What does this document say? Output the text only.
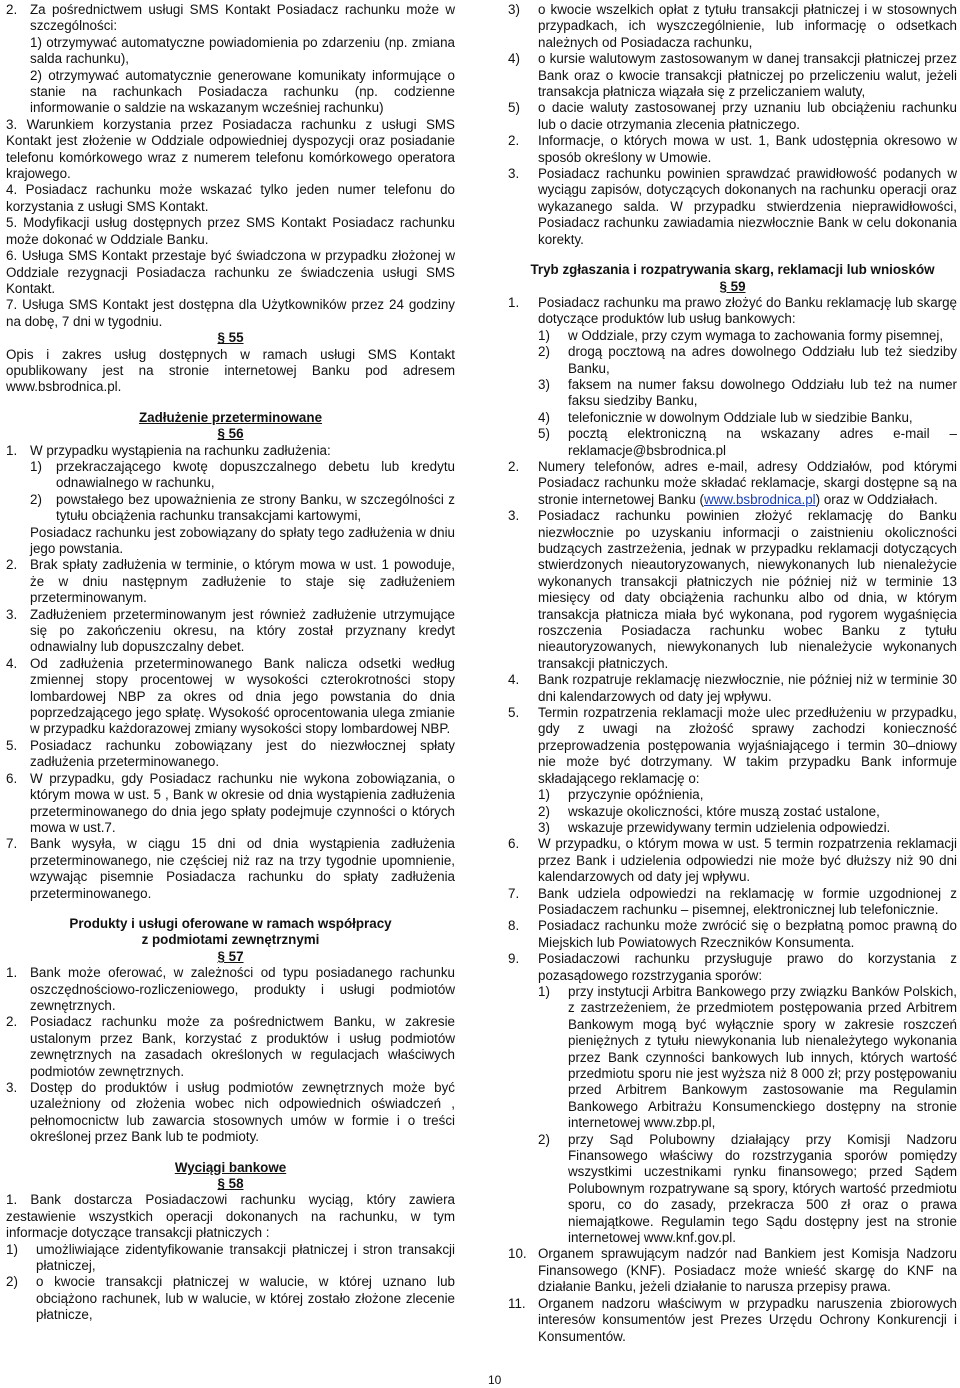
2. Za pośrednictwem usługi SMS Kontakt Posiadacz rachunku może w szczególności:
1) otrzymywać automatyczne powiadomienia po zdarzeniu (np. zmiana salda rachunku),
2) otrzymywać automatycznie generowane komunikaty informujące o stanie na rachunkach Posiadacza rachunku (np. codzienne informowanie o saldzie na wskazanym wcześniej rachunku)

3. Warunkiem korzystania przez Posiadacza rachunku z usługi SMS Kontakt jest złożenie w Oddziale odpowiedniej dyspozycji oraz posiadanie telefonu komórkowego wraz z numerem telefonu komórkowego operatora krajowego.

4. Posiadacz rachunku może wskazać tylko jeden numer telefonu do korzystania z usługi SMS Kontakt.

5. Modyfikacji usług dostępnych przez SMS Kontakt Posiadacz rachunku może dokonać w Oddziale Banku.

6. Usługa SMS Kontakt przestaje być świadczona w przypadku złożonej w Oddziale rezygnacji Posiadacza rachunku ze świadczenia usługi SMS Kontakt.

7. Usługa SMS Kontakt jest dostępna dla Użytkowników przez 24 godziny na dobę, 7 dni w tygodniu.

§ 55

Opis i zakres usług dostępnych w ramach usługi SMS Kontakt opublikowany jest na stronie internetowej Banku pod adresem www.bsbrodnica.pl.

Zadłużenie przeterminowane
§ 56
1. W przypadku wystąpienia na rachunku zadłużenia:
1)	przekraczającego kwotę dopuszczalnego debetu lub kredytu odnawialnego w rachunku,
2)	powstałego bez upoważnienia ze strony Banku, w szczególności z tytułu obciążenia rachunku transakcjami kartowymi,

Posiadacz rachunku jest zobowiązany do spłaty tego zadłużenia w dniu jego powstania.

2. Brak spłaty zadłużenia w terminie, o którym mowa w ust. 1 powoduje, że w dniu następnym zadłużenie to staje się zadłużeniem przeterminowanym.
3. Zadłużeniem przeterminowanym jest również zadłużenie utrzymujące się po zakończeniu okresu, na który został przyznany kredyt odnawialny lub dopuszczalny debet.
4. Od zadłużenia przeterminowanego Bank nalicza odsetki według zmiennej stopy procentowej w wysokości czterokrotności stopy lombardowej NBP za okres od dnia jego powstania do dnia poprzedzającego jego spłatę. Wysokość oprocentowania ulega zmianie w przypadku każdorazowej zmiany wysokości stopy lombardowej NBP.
5. Posiadacz rachunku zobowiązany jest do niezwłocznej spłaty zadłużenia przeterminowanego.
6. W przypadku, gdy Posiadacz rachunku nie wykona zobowiązania, o którym mowa w ust. 5 , Bank w okresie od dnia wystąpienia zadłużenia przeterminowanego do dnia jego spłaty podejmuje czynności o których mowa w ust.7.
7. Bank wysyła, w ciągu 15 dni od dnia wystąpienia zadłużenia przeterminowanego, nie częściej niż raz na trzy tygodnie upomnienie, wzywając pisemnie Posiadacza rachunku do spłaty zadłużenia przeterminowanego.
Produkty i usługi oferowane w ramach współpracy
z podmiotami zewnętrznymi
§ 57
1. Bank może oferować, w zależności od typu posiadanego rachunku oszczędnościowo-rozliczeniowego, produkty i usługi podmiotów zewnętrznych.
2. Posiadacz rachunku może za pośrednictwem Banku, w zakresie ustalonym przez Bank, korzystać z produktów i usług podmiotów zewnętrznych na zasadach określonych w regulacjach właściwych podmiotów zewnętrznych.
3. Dostęp do produktów i usług podmiotów zewnętrznych może być uzależniony od złożenia wobec nich odpowiednich oświadczeń , pełnomocnictw lub zawarcia stosownych umów w formie i o treści określonej przez Bank lub te podmioty.
Wyciągi bankowe
§ 58

1. Bank dostarcza Posiadaczowi rachunku wyciąg, który zawiera zestawienie wszystkich operacji dokonanych na rachunku, w tym informacje dotyczące transakcji płatniczych :

1)	umożliwiające zidentyfikowanie transakcji płatniczej i stron transakcji płatniczej,
2)	o kwocie transakcji płatniczej w walucie, w której uznano lub obciążono rachunek, lub w walucie, w której zostało złożone zlecenie płatnicze,
3)	o kwocie wszelkich opłat z tytułu transakcji płatniczej i w stosownych przypadkach, ich wyszczególnienie, lub informację o odsetkach należnych od Posiadacza rachunku,
4)	o kursie walutowym zastosowanym w danej transakcji płatniczej przez Bank oraz o kwocie transakcji płatniczej po przeliczeniu walut, jeżeli transakcja płatnicza wiązała się z przeliczaniem waluty,
5)	o dacie waluty zastosowanej przy uznaniu lub obciążeniu rachunku lub o dacie otrzymania zlecenia płatniczego.
2.	Informacje, o których mowa w ust. 1, Bank udostępnia okresowo w sposób określony w Umowie.
3.	Posiadacz rachunku powinien sprawdzać prawidłowość podanych w wyciągu zapisów, dotyczących dokonanych na rachunku operacji oraz wykazanego salda. W przypadku stwierdzenia nieprawidłowości, Posiadacz rachunku zawiadamia niezwłocznie Bank w celu dokonania korekty.
Tryb zgłaszania i rozpatrywania skarg, reklamacji lub wniosków
§ 59
1.	Posiadacz rachunku ma prawo złożyć do Banku reklamację lub skargę dotyczące produktów lub usług bankowych:
1)	w Oddziale, przy czym wymaga to zachowania formy pisemnej,
2)	drogą pocztową na adres dowolnego Oddziału lub też siedziby Banku,
3)	faksem na numer faksu dowolnego Oddziału lub też na numer faksu siedziby Banku,
4)	telefonicznie w dowolnym Oddziale lub w siedzibie Banku,
5)	pocztą elektroniczną na wskazany adres e-mail – reklamacje@bsbrodnica.pl
2.	Numery telefonów, adres e-mail, adresy Oddziałów, pod którymi Posiadacz rachunku może składać reklamacje, skargi dostępne są na stronie internetowej Banku (www.bsbrodnica.pl) oraz w Oddziałach.
3.	Posiadacz rachunku powinien złożyć reklamację do Banku niezwłocznie po uzyskaniu informacji o zaistnieniu okoliczności budzących zastrzeżenia, jednak w przypadku reklamacji dotyczących stwierdzonych nieautoryzowanych, niewykonanych lub nienależycie wykonanych transakcji płatniczych nie później niż w terminie 13 miesięcy od daty obciążenia rachunku albo od dnia, w którym transakcja płatnicza miała być wykonana, pod rygorem wygaśnięcia roszczenia Posiadacza rachunku wobec Banku z tytułu nieautoryzowanych, niewykonanych lub nienależycie wykonanych transakcji płatniczych.
4.	Bank rozpatruje reklamację niezwłocznie, nie później niż w terminie 30 dni kalendarzowych od daty jej wpływu.
5.	Termin rozpatrzenia reklamacji może ulec przedłużeniu w przypadku, gdy z uwagi na złożość sprawy zachodzi konieczność przeprowadzenia postępowania wyjaśniającego i termin 30–dniowy nie może być dotrzymany. W takim przypadku Bank informuje składającego reklamację o:
1)	przyczynie opóźnienia,
2)	wskazuje okoliczności, które muszą zostać ustalone,
3)	wskazuje przewidywany termin udzielenia odpowiedzi.
6.	W przypadku, o którym mowa w ust. 5 termin rozpatrzenia reklamacji przez Bank i udzielenia odpowiedzi nie może być dłuższy niż 90 dni kalendarzowych od daty jej wpływu.
7.	Bank udziela odpowiedzi na reklamację w formie uzgodnionej z Posiadaczem rachunku – pisemnej, elektronicznej lub telefonicznie.
8.	Posiadacz rachunku może zwrócić się o bezpłatną pomoc prawną do Miejskich lub Powiatowych Rzeczników Konsumenta.
9.	Posiadaczowi rachunku przysługuje prawo do korzystania z pozasądowego rozstrzygania sporów:
1)	przy instytucji Arbitra Bankowego przy związku Banków Polskich, z zastrzeżeniem, że przedmiotem postępowania przed Arbitrem Bankowym mogą być wyłącznie spory w zakresie roszczeń pieniężnych z tytułu niewykonania lub nienależytego wykonania przez Bank czynności bankowych lub innych, których wartość przedmiotu sporu nie jest wyższa niż 8 000 zł; przy postępowaniu przed Arbitrem Bankowym zastosowanie ma Regulamin Bankowego Arbitrażu Konsumenckiego dostępny na stronie internetowej www.zbp.pl,
2)	przy Sąd Polubowny działający przy Komisji Nadzoru Finansowego właściwy do rozstrzygania sporów pomiędzy wszystkimi uczestnikami rynku finansowego; przed Sądem Polubownym rozpatrywane są spory, których wartość przedmiotu sporu, co do zasady, przekracza 500 zł oraz o prawa niemajątkowe. Regulamin tego Sądu dostępny jest na stronie internetowej www.knf.gov.pl.
10. Organem sprawującym nadzór nad Bankiem jest Komisja Nadzoru Finansowego (KNF). Posiadacz może wnieść skargę do KNF na działanie Banku, jeżeli działanie to narusza przepisy prawa.
11. Organem nadzoru właściwym w przypadku naruszenia zbiorowych interesów konsumentów jest Prezes Urzędu Ochrony Konkurencji i Konsumentów.
10
